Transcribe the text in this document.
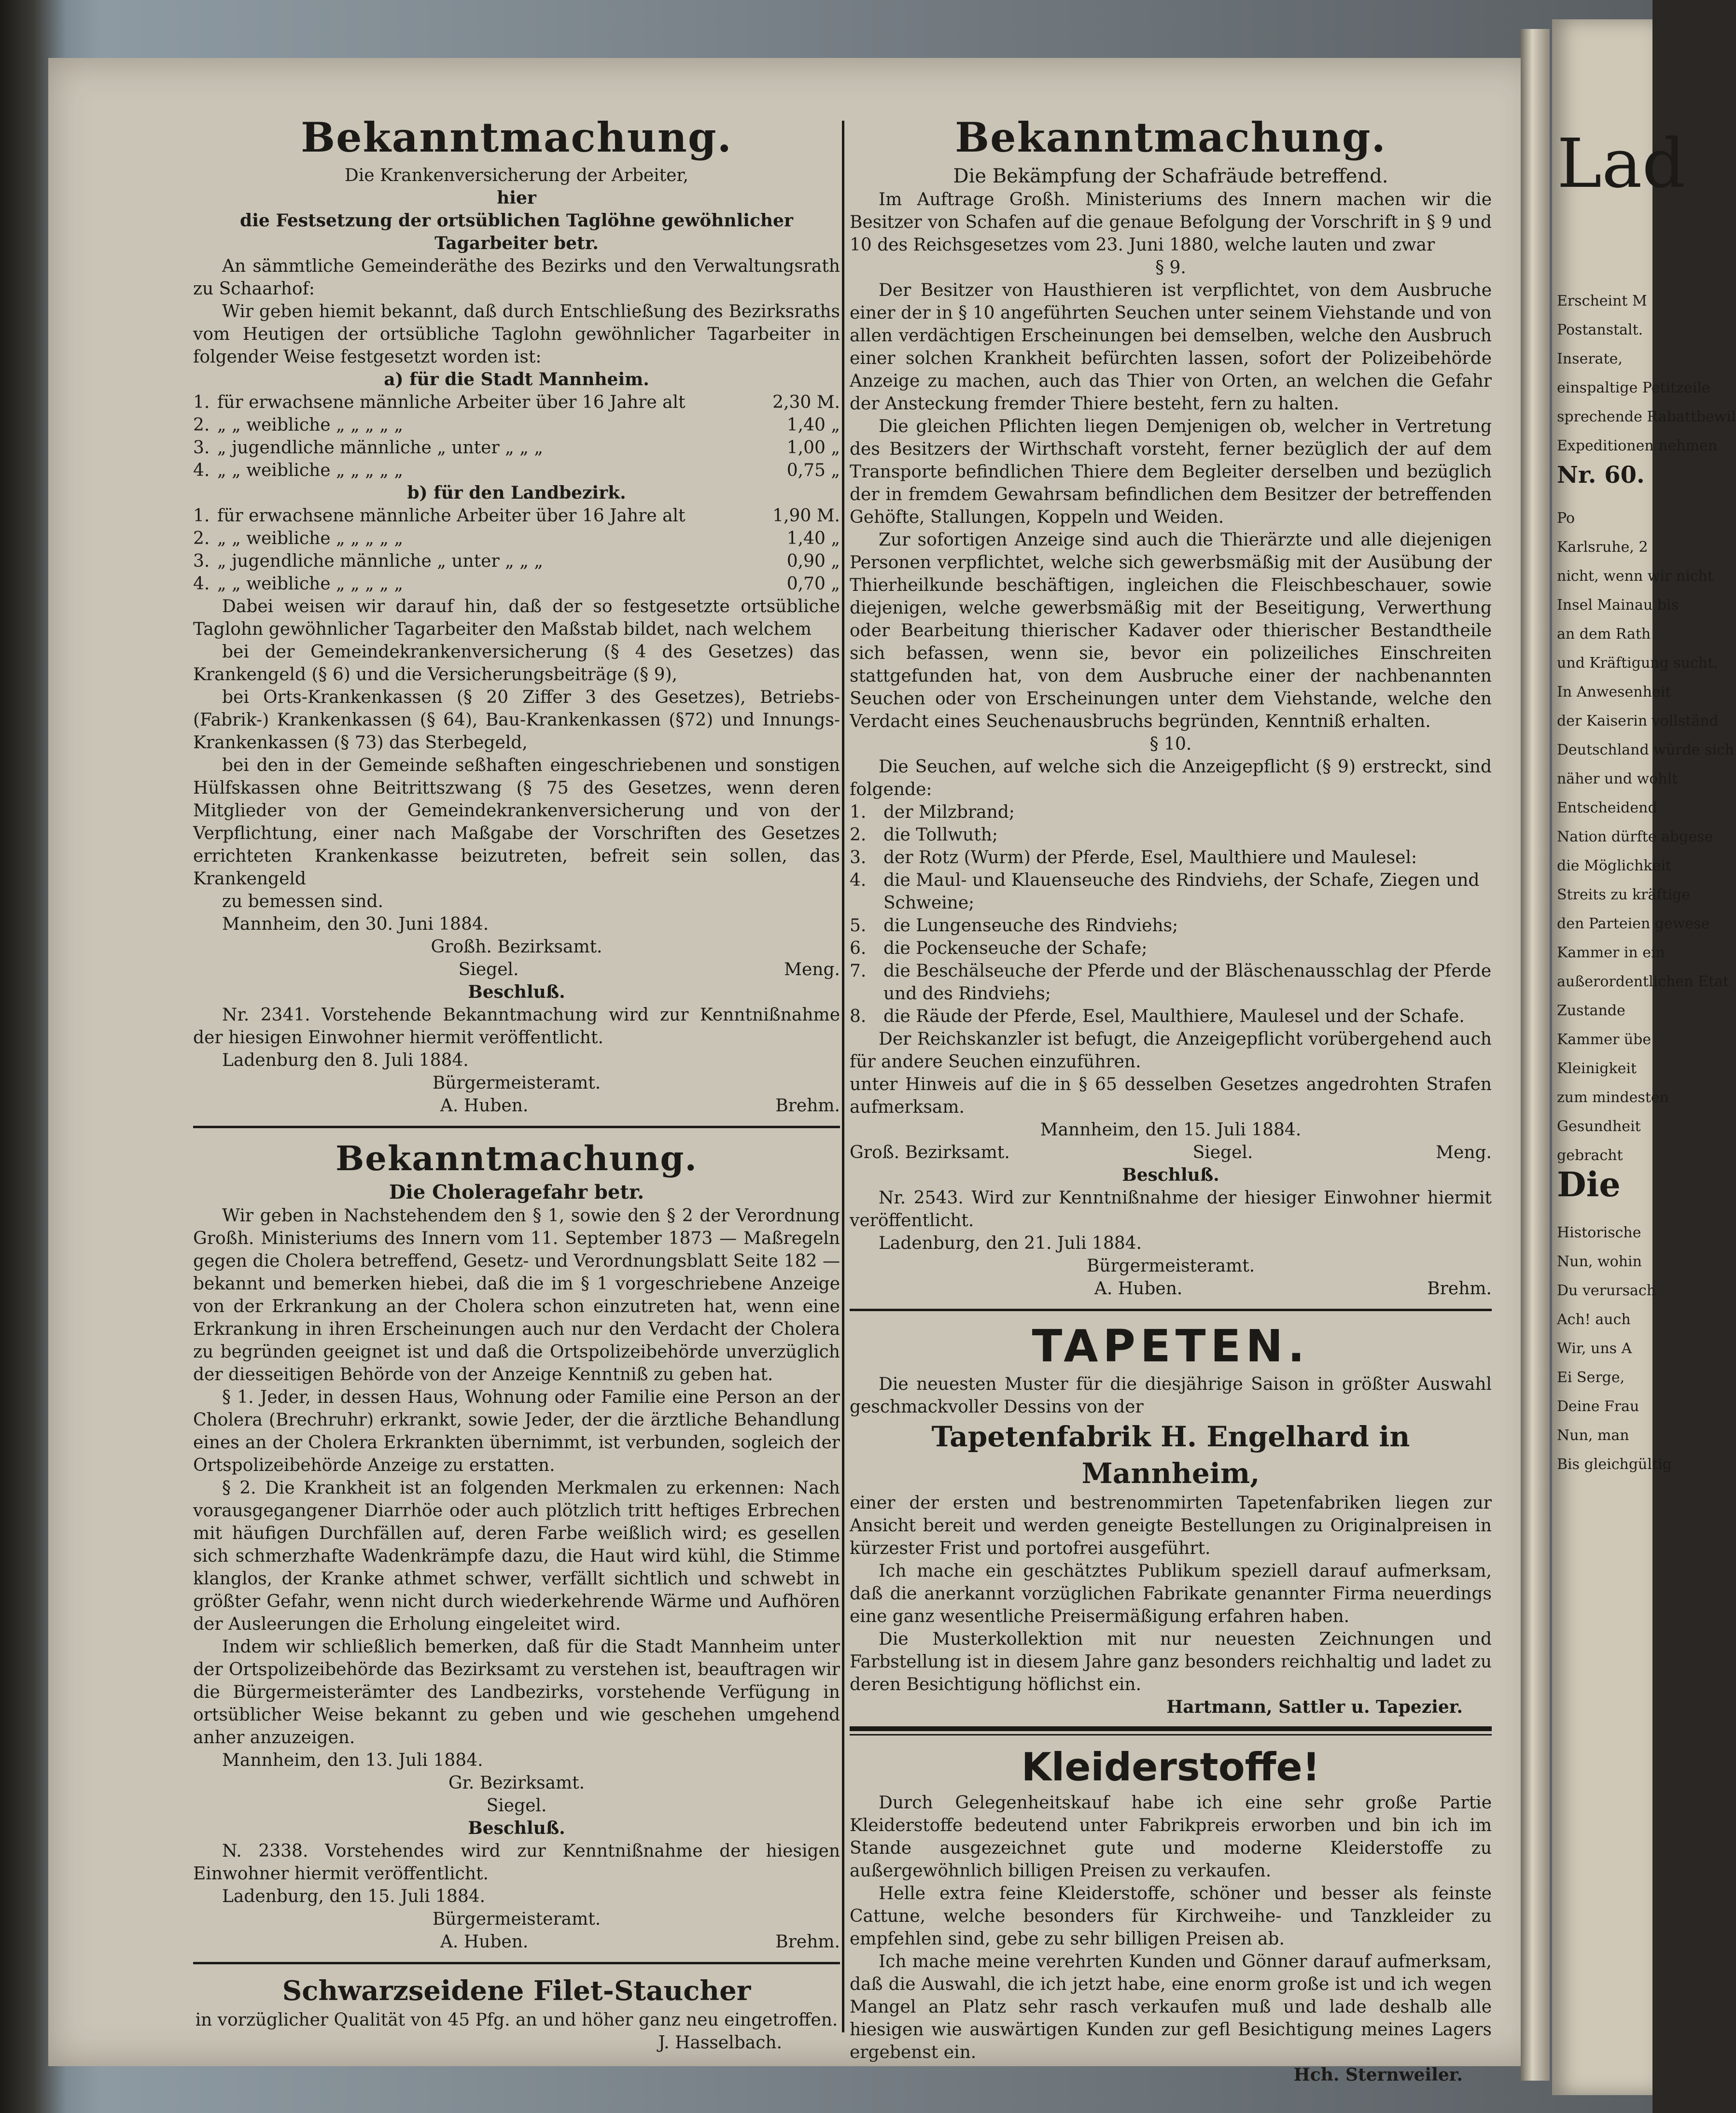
Bekanntmachung.
Die Krankenversicherung der Arbeiter,
hier
die Festsetzung der ortsüblichen Taglöhne gewöhnlicher Tagarbeiter betr.

An sämmtliche Gemeinderäthe des Bezirks und den Verwaltungsrath zu Schaarhof:

Wir geben hiemit bekannt, daß durch Entschließung des Bezirksraths vom Heutigen der ortsübliche Taglohn gewöhnlicher Tagarbeiter in folgender Weise festgesetzt worden ist:

a) für die Stadt Mannheim.
1. für erwachsene männliche Arbeiter über 16 Jahre alt	2,30 M.
2. „ „ weibliche „ „ „ „ „	1,40 „
3. „ jugendliche männliche „ unter „ „ „	1,00 „
4. „ „ weibliche „ „ „ „ „	0,75 „
b) für den Landbezirk.
1. für erwachsene männliche Arbeiter über 16 Jahre alt	1,90 M.
2. „ „ weibliche „ „ „ „ „	1,40 „
3. „ jugendliche männliche „ unter „ „ „	0,90 „
4. „ „ weibliche „ „ „ „ „	0,70 „

Dabei weisen wir darauf hin, daß der so festgesetzte ortsübliche Taglohn gewöhnlicher Tagarbeiter den Maßstab bildet, nach welchem

bei der Gemeindekrankenversicherung (§ 4 des Gesetzes) das Krankengeld (§ 6) und die Versicherungsbeiträge (§ 9),

bei Orts-Krankenkassen (§ 20 Ziffer 3 des Gesetzes), Betriebs-(Fabrik-) Krankenkassen (§ 64), Bau-Krankenkassen (§72) und Innungs-Krankenkassen (§ 73) das Sterbegeld,

bei den in der Gemeinde seßhaften eingeschriebenen und sonstigen Hülfskassen ohne Beitrittszwang (§ 75 des Gesetzes, wenn deren Mitglieder von der Gemeindekrankenversicherung und von der Verpflichtung, einer nach Maßgabe der Vorschriften des Gesetzes errichteten Krankenkasse beizutreten, befreit sein sollen, das Krankengeld

zu bemessen sind.

Mannheim, den 30. Juni 1884.

Großh. Bezirksamt.
Siegel.	Meng.
Beschluß.

Nr. 2341. Vorstehende Bekanntmachung wird zur Kenntnißnahme der hiesigen Einwohner hiermit veröffentlicht.

Ladenburg den 8. Juli 1884.

Bürgermeisteramt.
A. Huben.	Brehm.
Bekanntmachung.
Die Choleragefahr betr.

Wir geben in Nachstehendem den § 1, sowie den § 2 der Verordnung Großh. Ministeriums des Innern vom 11. September 1873 — Maßregeln gegen die Cholera betreffend, Gesetz- und Verordnungsblatt Seite 182 — bekannt und bemerken hiebei, daß die im § 1 vorgeschriebene Anzeige von der Erkrankung an der Cholera schon einzutreten hat, wenn eine Erkrankung in ihren Erscheinungen auch nur den Verdacht der Cholera zu begründen geeignet ist und daß die Ortspolizeibehörde unverzüglich der diesseitigen Behörde von der Anzeige Kenntniß zu geben hat.

§ 1. Jeder, in dessen Haus, Wohnung oder Familie eine Person an der Cholera (Brechruhr) erkrankt, sowie Jeder, der die ärztliche Behandlung eines an der Cholera Erkrankten übernimmt, ist verbunden, sogleich der Ortspolizeibehörde Anzeige zu erstatten.

§ 2. Die Krankheit ist an folgenden Merkmalen zu erkennen: Nach vorausgegangener Diarrhöe oder auch plötzlich tritt heftiges Erbrechen mit häufigen Durchfällen auf, deren Farbe weißlich wird; es gesellen sich schmerzhafte Wadenkrämpfe dazu, die Haut wird kühl, die Stimme klanglos, der Kranke athmet schwer, verfällt sichtlich und schwebt in größter Gefahr, wenn nicht durch wiederkehrende Wärme und Aufhören der Ausleerungen die Erholung eingeleitet wird.

Indem wir schließlich bemerken, daß für die Stadt Mannheim unter der Ortspolizeibehörde das Bezirksamt zu verstehen ist, beauftragen wir die Bürgermeisterämter des Landbezirks, vorstehende Verfügung in ortsüblicher Weise bekannt zu geben und wie geschehen umgehend anher anzuzeigen.

Mannheim, den 13. Juli 1884.

Gr. Bezirksamt.
Siegel.
Beschluß.

N. 2338. Vorstehendes wird zur Kenntnißnahme der hiesigen Einwohner hiermit veröffentlicht.

Ladenburg, den 15. Juli 1884.

Bürgermeisteramt.
A. Huben.	Brehm.
Schwarzseidene Filet-Staucher

in vorzüglicher Qualität von 45 Pfg. an und höher ganz neu eingetroffen.

J. Hasselbach.
Bekanntmachung.
Die Bekämpfung der Schafräude betreffend.

Im Auftrage Großh. Ministeriums des Innern machen wir die Besitzer von Schafen auf die genaue Befolgung der Vorschrift in § 9 und 10 des Reichsgesetzes vom 23. Juni 1880, welche lauten und zwar

§ 9.

Der Besitzer von Hausthieren ist verpflichtet, von dem Ausbruche einer der in § 10 angeführten Seuchen unter seinem Viehstande und von allen verdächtigen Erscheinungen bei demselben, welche den Ausbruch einer solchen Krankheit befürchten lassen, sofort der Polizeibehörde Anzeige zu machen, auch das Thier von Orten, an welchen die Gefahr der Ansteckung fremder Thiere besteht, fern zu halten.

Die gleichen Pflichten liegen Demjenigen ob, welcher in Vertretung des Besitzers der Wirthschaft vorsteht, ferner bezüglich der auf dem Transporte befindlichen Thiere dem Begleiter derselben und bezüglich der in fremdem Gewahrsam befindlichen dem Besitzer der betreffenden Gehöfte, Stallungen, Koppeln und Weiden.

Zur sofortigen Anzeige sind auch die Thierärzte und alle diejenigen Personen verpflichtet, welche sich gewerbsmäßig mit der Ausübung der Thierheilkunde beschäftigen, ingleichen die Fleischbeschauer, sowie diejenigen, welche gewerbsmäßig mit der Beseitigung, Verwerthung oder Bearbeitung thierischer Kadaver oder thierischer Bestandtheile sich befassen, wenn sie, bevor ein polizeiliches Einschreiten stattgefunden hat, von dem Ausbruche einer der nachbenannten Seuchen oder von Erscheinungen unter dem Viehstande, welche den Verdacht eines Seuchenausbruchs begründen, Kenntniß erhalten.

§ 10.

Die Seuchen, auf welche sich die Anzeigepflicht (§ 9) erstreckt, sind folgende:

1. der Milzbrand;
2. die Tollwuth;
3. der Rotz (Wurm) der Pferde, Esel, Maulthiere und Maulesel:
4. die Maul- und Klauenseuche des Rindviehs, der Schafe, Ziegen und Schweine;
5. die Lungenseuche des Rindviehs;
6. die Pockenseuche der Schafe;
7. die Beschälseuche der Pferde und der Bläschenausschlag der Pferde und des Rindviehs;
8. die Räude der Pferde, Esel, Maulthiere, Maulesel und der Schafe.

Der Reichskanzler ist befugt, die Anzeigepflicht vorübergehend auch für andere Seuchen einzuführen.

unter Hinweis auf die in § 65 desselben Gesetzes angedrohten Strafen aufmerksam.

Mannheim, den 15. Juli 1884.

Groß. Bezirksamt.	Siegel.	Meng.
Beschluß.

Nr. 2543. Wird zur Kenntnißnahme der hiesiger Einwohner hiermit veröffentlicht.

Ladenburg, den 21. Juli 1884.

Bürgermeisteramt.
A. Huben.	Brehm.
TAPETEN.

Die neuesten Muster für die diesjährige Saison in größter Auswahl geschmackvoller Dessins von der

Tapetenfabrik H. Engelhard in Mannheim,

einer der ersten und bestrenommirten Tapetenfabriken liegen zur Ansicht bereit und werden geneigte Bestellungen zu Originalpreisen in kürzester Frist und portofrei ausgeführt.

Ich mache ein geschätztes Publikum speziell darauf aufmerksam, daß die anerkannt vorzüglichen Fabrikate genannter Firma neuerdings eine ganz wesentliche Preisermäßigung erfahren haben.

Die Musterkollektion mit nur neuesten Zeichnungen und Farbstellung ist in diesem Jahre ganz besonders reichhaltig und ladet zu deren Besichtigung höflichst ein.

Hartmann, Sattler u. Tapezier.
Kleiderstoffe!

Durch Gelegenheitskauf habe ich eine sehr große Partie Kleiderstoffe bedeutend unter Fabrikpreis erworben und bin ich im Stande ausgezeichnet gute und moderne Kleiderstoffe zu außergewöhnlich billigen Preisen zu verkaufen.

Helle extra feine Kleiderstoffe, schöner und besser als feinste Cattune, welche besonders für Kirchweihe- und Tanzkleider zu empfehlen sind, gebe zu sehr billigen Preisen ab.

Ich mache meine verehrten Kunden und Gönner darauf aufmerksam, daß die Auswahl, die ich jetzt habe, eine enorm große ist und ich wegen Mangel an Platz sehr rasch verkaufen muß und lade deshalb alle hiesigen wie auswärtigen Kunden zur gefl Besichtigung meines Lagers ergebenst ein.

Hch. Sternweiler.
Lad
Erscheint M
Postanstalt.
Inserate,
einspaltige Petitzeile
sprechende Rabattbewil
Expeditionen nehmen
Nr. 60.
Po
Karlsruhe, 2
nicht, wenn wir nicht
Insel Mainau bis
an dem Rath
und Kräftigung sucht.
In Anwesenheit
der Kaiserin vollständ
Deutschland würde sich
näher und wohlt
Entscheidend
Nation dürfte abgese
die Möglichkeit
Streits zu kräftige
den Parteien gewese
Kammer in ein
außerordentlichen Etat
Zustande
Kammer übe
Kleinigkeit
zum mindesten
Gesundheit
gebracht
Die
Historische
Nun, wohin
Du verursach
Ach! auch
Wir, uns A
Ei Serge,
Deine Frau
Nun, man
Bis gleichgültig
